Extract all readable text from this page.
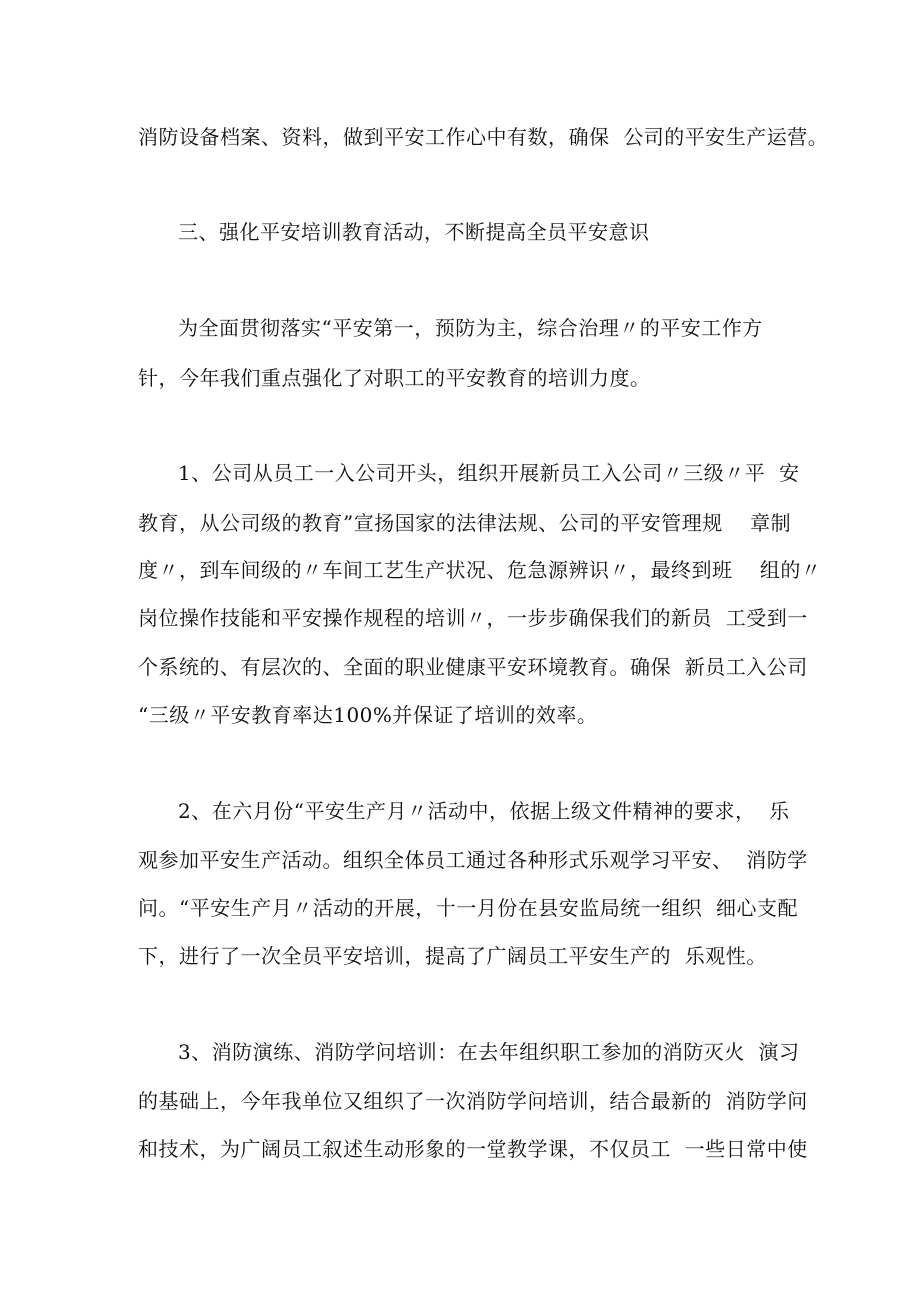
消防设备档案、资料，做到平安工作心中有数，确保  公司的平安生产运营。
三、强化平安培训教育活动，不断提高全员平安意识
为全面贯彻落实“平安第一，预防为主，综合治理〃的平安工作方
针，今年我们重点强化了对职工的平安教育的培训力度。
1、公司从员工一入公司开头，组织开展新员工入公司〃三级〃平  安
教育，从公司级的教育”宣扬国家的法律法规、公司的平安管理规    章制
度〃，到车间级的〃车间工艺生产状况、危急源辨识〃，最终到班    组的〃
岗位操作技能和平安操作规程的培训〃，一步步确保我们的新员  工受到一
个系统的、有层次的、全面的职业健康平安环境教育。确保  新员工入公司
“三级〃平安教育率达100%并保证了培训的效率。
2、在六月份“平安生产月〃活动中，依据上级文件精神的要求，  乐
观参加平安生产活动。组织全体员工通过各种形式乐观学习平安、  消防学
问。“平安生产月〃活动的开展，十一月份在县安监局统一组织  细心支配
下，进行了一次全员平安培训，提高了广阔员工平安生产的  乐观性。
3、消防演练、消防学问培训：在去年组织职工参加的消防灭火  演习
的基础上，今年我单位又组织了一次消防学问培训，结合最新的  消防学问
和技术，为广阔员工叙述生动形象的一堂教学课，不仅员工  一些日常中使
